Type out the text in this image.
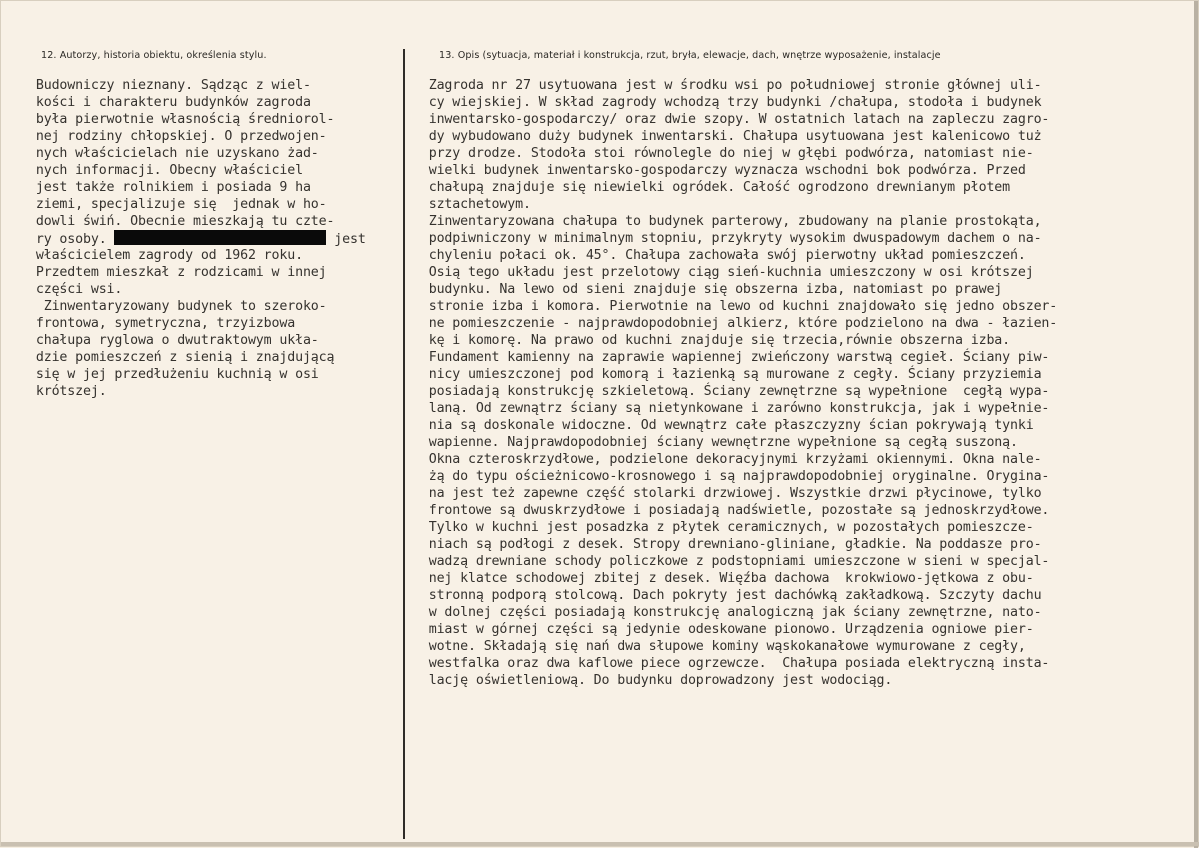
12. Autorzy, historia obiektu, określenia stylu.	13. Opis (sytuacja, materiał i konstrukcja, rzut, bryła, elewacje, dach, wnętrze wyposażenie, instalacje
Budowniczy nieznany. Sądząc z wiel-
kości i charakteru budynków zagroda
była pierwotnie własnością średniorol-
nej rodziny chłopskiej. O przedwojen-
nych właścicielach nie uzyskano żad-
nych informacji. Obecny właściciel
jest także rolnikiem i posiada 9 ha
ziemi, specjalizuje się  jednak w ho-
dowli świń. Obecnie mieszkają tu czte-
ry osoby.	jest
właścicielem zagrody od 1962 roku.
Przedtem mieszkał z rodzicami w innej
części wsi.
Zinwentaryzowany budynek to szeroko-
frontowa, symetryczna, trzyizbowa
chałupa ryglowa o dwutraktowym ukła-
dzie pomieszczeń z sienią i znajdującą
się w jej przedłużeniu kuchnią w osi
krótszej.
Zagroda nr 27 usytuowana jest w środku wsi po południowej stronie głównej uli-
cy wiejskiej. W skład zagrody wchodzą trzy budynki /chałupa, stodoła i budynek
inwentarsko-gospodarczy/ oraz dwie szopy. W ostatnich latach na zapleczu zagro-
dy wybudowano duży budynek inwentarski. Chałupa usytuowana jest kalenicowo tuż
przy drodze. Stodoła stoi równolegle do niej w głębi podwórza, natomiast nie-
wielki budynek inwentarsko-gospodarczy wyznacza wschodni bok podwórza. Przed
chałupą znajduje się niewielki ogródek. Całość ogrodzono drewnianym płotem
sztachetowym.
Zinwentaryzowana chałupa to budynek parterowy, zbudowany na planie prostokąta,
podpiwniczony w minimalnym stopniu, przykryty wysokim dwuspadowym dachem o na-
chyleniu połaci ok. 45°. Chałupa zachowała swój pierwotny układ pomieszczeń.
Osią tego układu jest przelotowy ciąg sień-kuchnia umieszczony w osi krótszej
budynku. Na lewo od sieni znajduje się obszerna izba, natomiast po prawej
stronie izba i komora. Pierwotnie na lewo od kuchni znajdowało się jedno obszer-
ne pomieszczenie - najprawdopodobniej alkierz, które podzielono na dwa - łazien-
kę i komorę. Na prawo od kuchni znajduje się trzecia,równie obszerna izba.
Fundament kamienny na zaprawie wapiennej zwieńczony warstwą cegieł. Ściany piw-
nicy umieszczonej pod komorą i łazienką są murowane z cegły. Ściany przyziemia
posiadają konstrukcję szkieletową. Ściany zewnętrzne są wypełnione  cegłą wypa-
laną. Od zewnątrz ściany są nietynkowane i zarówno konstrukcja, jak i wypełnie-
nia są doskonale widoczne. Od wewnątrz całe płaszczyzny ścian pokrywają tynki
wapienne. Najprawdopodobniej ściany wewnętrzne wypełnione są cegłą suszoną.
Okna czteroskrzydłowe, podzielone dekoracyjnymi krzyżami okiennymi. Okna nale-
żą do typu ościeżnicowo-krosnowego i są najprawdopodobniej oryginalne. Orygina-
na jest też zapewne część stolarki drzwiowej. Wszystkie drzwi płycinowe, tylko
frontowe są dwuskrzydłowe i posiadają nadświetle, pozostałe są jednoskrzydłowe.
Tylko w kuchni jest posadzka z płytek ceramicznych, w pozostałych pomieszcze-
niach są podłogi z desek. Stropy drewniano-gliniane, gładkie. Na poddasze pro-
wadzą drewniane schody policzkowe z podstopniami umieszczone w sieni w specjal-
nej klatce schodowej zbitej z desek. Więźba dachowa  krokwiowo-jętkowa z obu-
stronną podporą stolcową. Dach pokryty jest dachówką zakładkową. Szczyty dachu
w dolnej części posiadają konstrukcję analogiczną jak ściany zewnętrzne, nato-
miast w górnej części są jedynie odeskowane pionowo. Urządzenia ogniowe pier-
wotne. Składają się nań dwa słupowe kominy wąskokanałowe wymurowane z cegły,
westfalka oraz dwa kaflowe piece ogrzewcze.  Chałupa posiada elektryczną insta-
lację oświetleniową. Do budynku doprowadzony jest wodociąg.
